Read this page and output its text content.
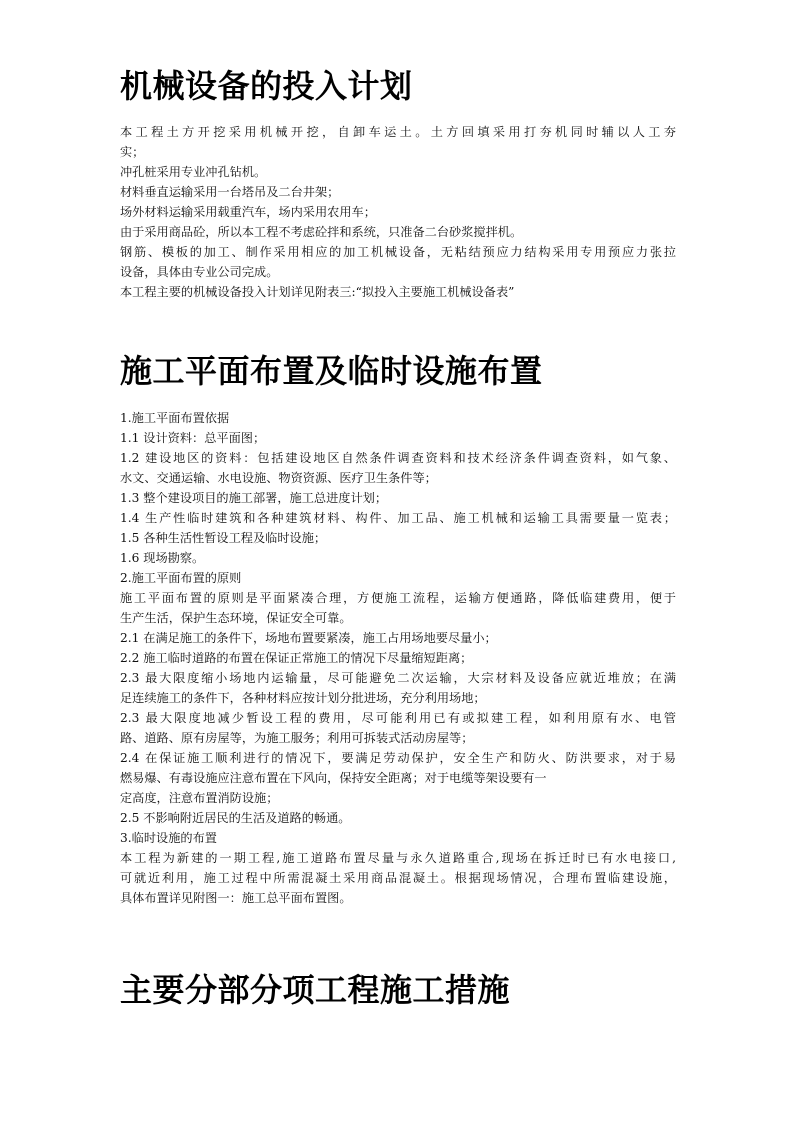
机械设备的投入计划
本工程土方开挖采用机械开挖，自卸车运土。土方回填采用打夯机同时辅以人工夯
实；
冲孔桩采用专业冲孔钻机。
材料垂直运输采用一台塔吊及二台井架；
场外材料运输采用载重汽车，场内采用农用车；
由于采用商品砼，所以本工程不考虑砼拌和系统，只准备二台砂浆搅拌机。
钢筋、模板的加工、制作采用相应的加工机械设备，无粘结预应力结构采用专用预应力张拉
设备，具体由专业公司完成。
本工程主要的机械设备投入计划详见附表三:“拟投入主要施工机械设备表”
施工平面布置及临时设施布置
1.施工平面布置依据
1.1 设计资料：总平面图；
1.2 建设地区的资料：包括建设地区自然条件调查资料和技术经济条件调查资料，如气象、
水文、交通运输、水电设施、物资资源、医疗卫生条件等；
1.3 整个建设项目的施工部署，施工总进度计划；
1.4 生产性临时建筑和各种建筑材料、构件、加工品、施工机械和运输工具需要量一览表；
1.5 各种生活性暂设工程及临时设施；
1.6 现场勘察。
2.施工平面布置的原则
施工平面布置的原则是平面紧凑合理，方便施工流程，运输方便通路，降低临建费用，便于
生产生活，保护生态环境，保证安全可靠。
2.1 在满足施工的条件下，场地布置要紧凑，施工占用场地要尽量小；
2.2 施工临时道路的布置在保证正常施工的情况下尽量缩短距离；
2.3 最大限度缩小场地内运输量，尽可能避免二次运输，大宗材料及设备应就近堆放；在满
足连续施工的条件下，各种材料应按计划分批进场，充分利用场地；
2.3 最大限度地减少暂设工程的费用，尽可能利用已有或拟建工程，如利用原有水、电管
路、道路、原有房屋等，为施工服务；利用可拆装式活动房屋等；
2.4 在保证施工顺利进行的情况下，要满足劳动保护，安全生产和防火、防洪要求，对于易
燃易爆、有毒设施应注意布置在下风向，保持安全距离；对于电缆等架设要有一
定高度，注意布置消防设施；
2.5 不影响附近居民的生活及道路的畅通。
3.临时设施的布置
本工程为新建的一期工程,施工道路布置尽量与永久道路重合,现场在拆迁时已有水电接口,
可就近利用，施工过程中所需混凝土采用商品混凝土。根据现场情况，合理布置临建设施，
具体布置详见附图一：施工总平面布置图。
主要分部分项工程施工措施
